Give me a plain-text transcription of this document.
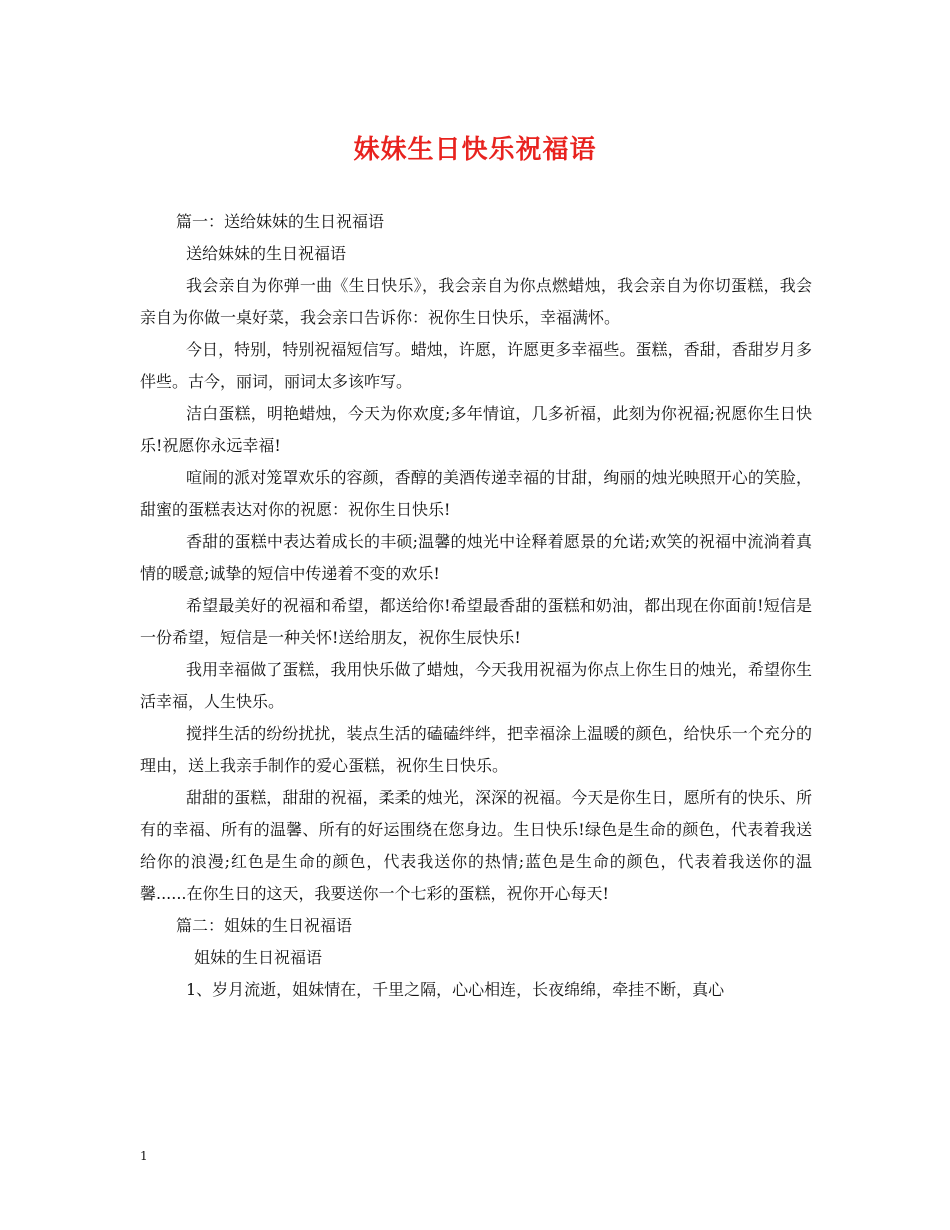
妹妹生日快乐祝福语

篇一：送给妹妹的生日祝福语

送给妹妹的生日祝福语

我会亲自为你弹一曲《生日快乐》，我会亲自为你点燃蜡烛，我会亲自为你切蛋糕，我会亲自为你做一桌好菜，我会亲口告诉你：祝你生日快乐，幸福满怀。

今日，特别，特别祝福短信写。蜡烛，许愿，许愿更多幸福些。蛋糕，香甜，香甜岁月多伴些。古今，丽词，丽词太多该咋写。

洁白蛋糕，明艳蜡烛，今天为你欢度;多年情谊，几多祈福，此刻为你祝福;祝愿你生日快乐!祝愿你永远幸福!

喧闹的派对笼罩欢乐的容颜，香醇的美酒传递幸福的甘甜，绚丽的烛光映照开心的笑脸，甜蜜的蛋糕表达对你的祝愿：祝你生日快乐!

香甜的蛋糕中表达着成长的丰硕;温馨的烛光中诠释着愿景的允诺;欢笑的祝福中流淌着真情的暖意;诚挚的短信中传递着不变的欢乐!

希望最美好的祝福和希望，都送给你!希望最香甜的蛋糕和奶油，都出现在你面前!短信是一份希望，短信是一种关怀!送给朋友，祝你生辰快乐!

我用幸福做了蛋糕，我用快乐做了蜡烛，今天我用祝福为你点上你生日的烛光，希望你生活幸福，人生快乐。

搅拌生活的纷纷扰扰，装点生活的磕磕绊绊，把幸福涂上温暖的颜色，给快乐一个充分的理由，送上我亲手制作的爱心蛋糕，祝你生日快乐。

甜甜的蛋糕，甜甜的祝福，柔柔的烛光，深深的祝福。今天是你生日，愿所有的快乐、所有的幸福、所有的温馨、所有的好运围绕在您身边。生日快乐!绿色是生命的颜色，代表着我送给你的浪漫;红色是生命的颜色，代表我送你的热情;蓝色是生命的颜色，代表着我送你的温馨......在你生日的这天，我要送你一个七彩的蛋糕，祝你开心每天!

篇二：姐妹的生日祝福语

姐妹的生日祝福语

1、岁月流逝，姐妹情在，千里之隔，心心相连，长夜绵绵，牵挂不断，真心

1
